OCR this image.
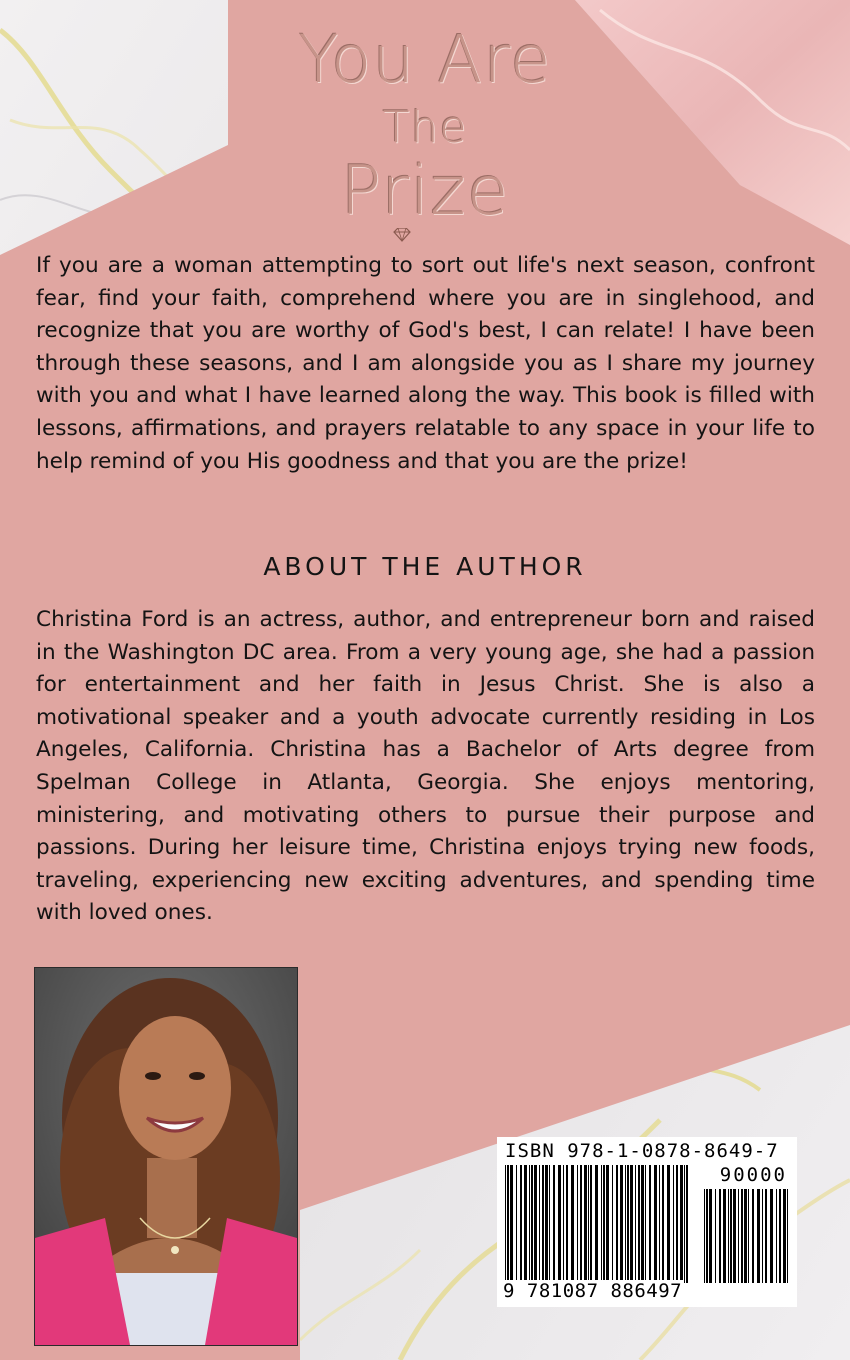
You Are
The
Prize

If you are a woman attempting to sort out life's next season, confront fear, find your faith, comprehend where you are in singlehood, and recognize that you are worthy of God's best, I can relate! I have been through these seasons, and I am alongside you as I share my journey with you and what I have learned along the way. This book is filled with lessons, affirmations, and prayers relatable to any space in your life to help remind of you His goodness and that you are the prize!

ABOUT THE AUTHOR

Christina Ford is an actress, author, and entrepreneur born and raised in the Washington DC area. From a very young age, she had a passion for entertainment and her faith in Jesus Christ. She is also a motivational speaker and a youth advocate currently residing in Los Angeles, California. Christina has a Bachelor of Arts degree from Spelman College in Atlanta, Georgia. She enjoys mentoring, ministering, and motivating others to pursue their purpose and passions. During her leisure time, Christina enjoys trying new foods, traveling, experiencing new exciting adventures, and spending time with loved ones.

ISBN 978-1-0878-8649-7
90000
9 781087 886497
